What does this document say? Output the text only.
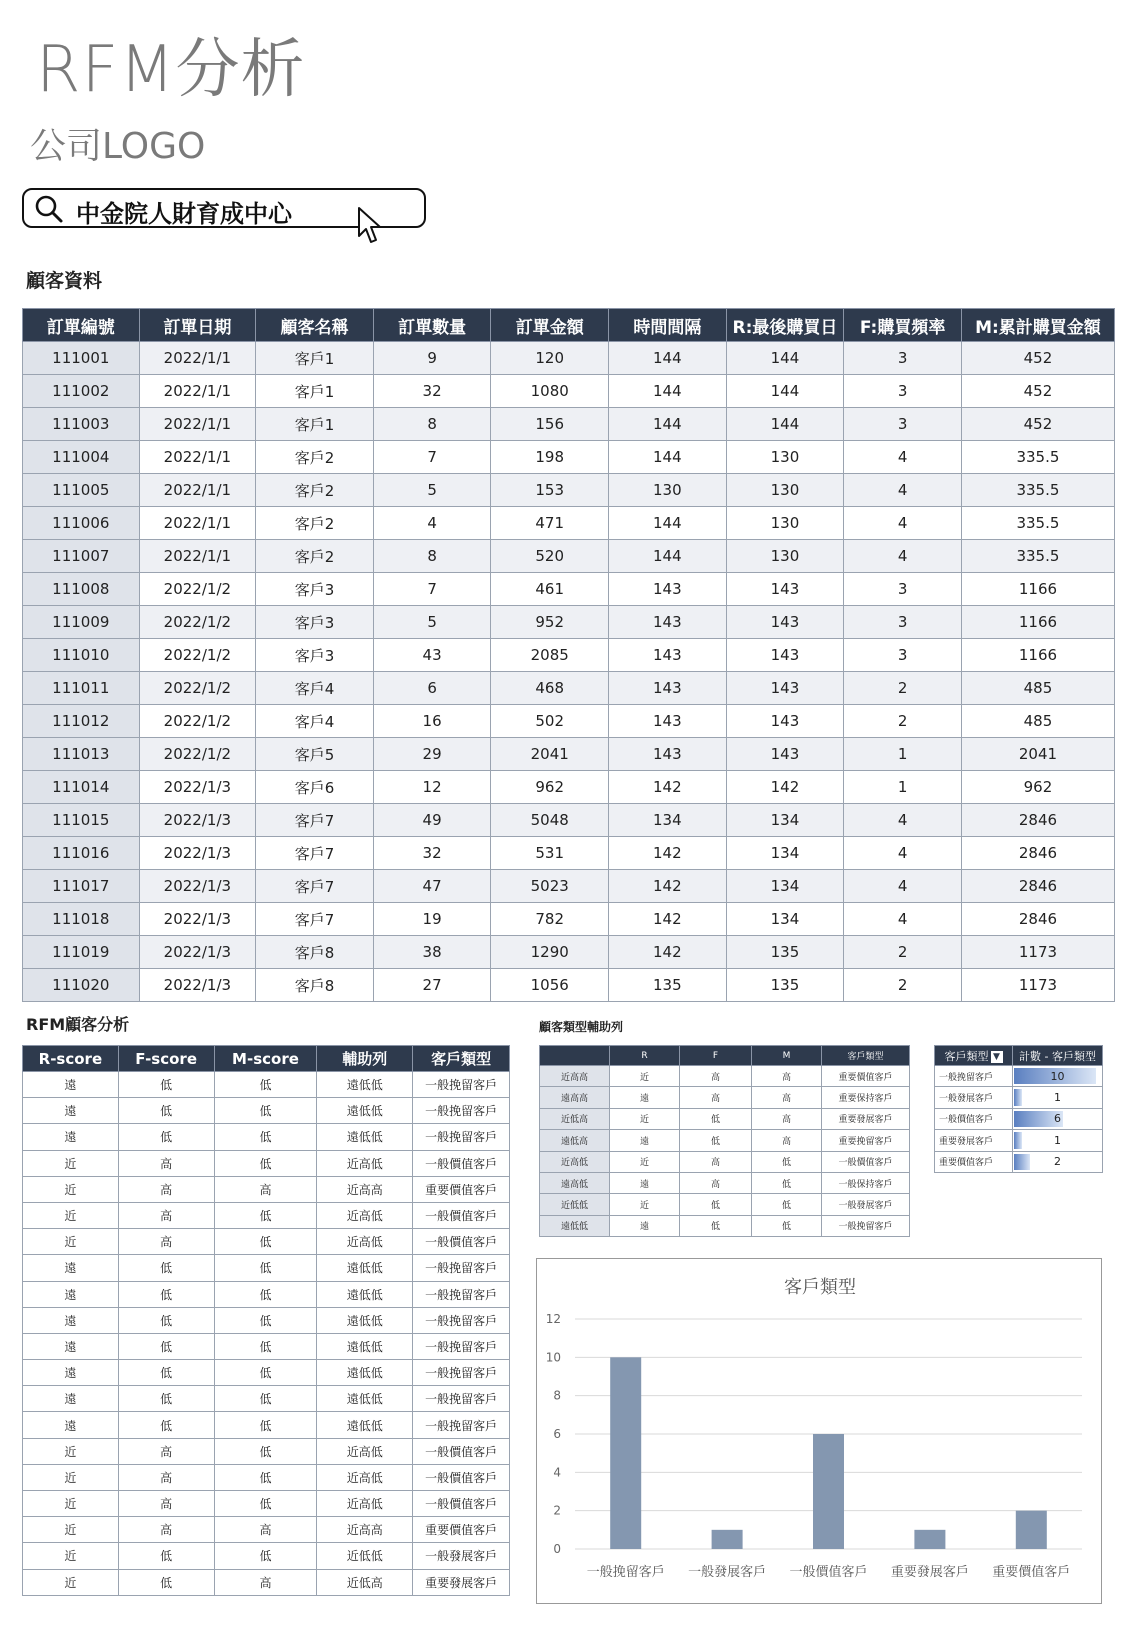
RFM分析
公司LOGO
中金院人財育成中心
顧客資料
訂單編號	訂單日期	顧客名稱	訂單數量	訂單金額	時間間隔	R:最後購買日	F:購買頻率	M:累計購買金額
111001	2022/1/1	客戶1	9	120	144	144	3	452
111002	2022/1/1	客戶1	32	1080	144	144	3	452
111003	2022/1/1	客戶1	8	156	144	144	3	452
111004	2022/1/1	客戶2	7	198	144	130	4	335.5
111005	2022/1/1	客戶2	5	153	130	130	4	335.5
111006	2022/1/1	客戶2	4	471	144	130	4	335.5
111007	2022/1/1	客戶2	8	520	144	130	4	335.5
111008	2022/1/2	客戶3	7	461	143	143	3	1166
111009	2022/1/2	客戶3	5	952	143	143	3	1166
111010	2022/1/2	客戶3	43	2085	143	143	3	1166
111011	2022/1/2	客戶4	6	468	143	143	2	485
111012	2022/1/2	客戶4	16	502	143	143	2	485
111013	2022/1/2	客戶5	29	2041	143	143	1	2041
111014	2022/1/3	客戶6	12	962	142	142	1	962
111015	2022/1/3	客戶7	49	5048	134	134	4	2846
111016	2022/1/3	客戶7	32	531	142	134	4	2846
111017	2022/1/3	客戶7	47	5023	142	134	4	2846
111018	2022/1/3	客戶7	19	782	142	134	4	2846
111019	2022/1/3	客戶8	38	1290	142	135	2	1173
111020	2022/1/3	客戶8	27	1056	135	135	2	1173
RFM顧客分析
R-score	F-score	M-score	輔助列	客戶類型
遠	低	低	遠低低	一般挽留客戶
遠	低	低	遠低低	一般挽留客戶
遠	低	低	遠低低	一般挽留客戶
近	高	低	近高低	一般價值客戶
近	高	高	近高高	重要價值客戶
近	高	低	近高低	一般價值客戶
近	高	低	近高低	一般價值客戶
遠	低	低	遠低低	一般挽留客戶
遠	低	低	遠低低	一般挽留客戶
遠	低	低	遠低低	一般挽留客戶
遠	低	低	遠低低	一般挽留客戶
遠	低	低	遠低低	一般挽留客戶
遠	低	低	遠低低	一般挽留客戶
遠	低	低	遠低低	一般挽留客戶
近	高	低	近高低	一般價值客戶
近	高	低	近高低	一般價值客戶
近	高	低	近高低	一般價值客戶
近	高	高	近高高	重要價值客戶
近	低	低	近低低	一般發展客戶
近	低	高	近低高	重要發展客戶
顧客類型輔助列
	R	F	M	客戶類型
近高高	近	高	高	重要價值客戶
遠高高	遠	高	高	重要保持客戶
近低高	近	低	高	重要發展客戶
遠低高	遠	低	高	重要挽留客戶
近高低	近	高	低	一般價值客戶
遠高低	遠	高	低	一般保持客戶
近低低	近	低	低	一般發展客戶
遠低低	遠	低	低	一般挽留客戶
客戶類型 ▼	計數 - 客戶類型
一般挽留客戶	10
一般發展客戶	1
一般價值客戶	6
重要發展客戶	1
重要價值客戶	2
客戶類型
0
2
4
6
8
10
12
一般挽留客戶 一般發展客戶 一般價值客戶 重要發展客戶 重要價值客戶
